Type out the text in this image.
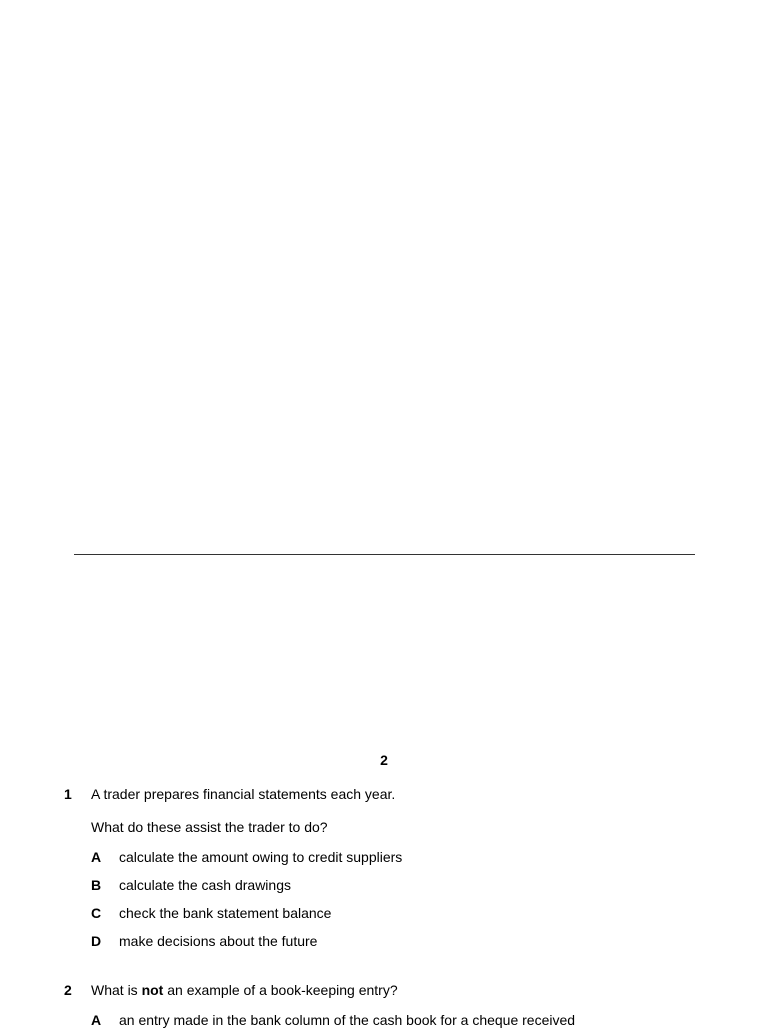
2
1 A trader prepares financial statements each year.
What do these assist the trader to do?
A calculate the amount owing to credit suppliers
B calculate the cash drawings
C check the bank statement balance
D make decisions about the future
2 What is not an example of a book-keeping entry?
A an entry made in the bank column of the cash book for a cheque received
